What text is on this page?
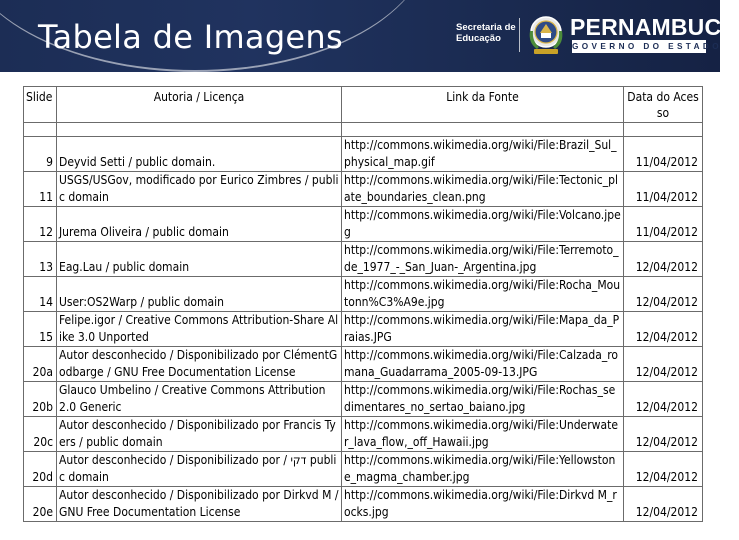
Tabela de Imagens	Secretaria de
Educação	PERNAMBUCO
GOVERNO DO ESTADO
Slide	Autoria / Licença	Link da Fonte	Data do Acesso

9	Deyvid Setti / public domain.	http://commons.wikimedia.org/wiki/File:Brazil_Sul_physical_map.gif	11/04/2012
11	USGS/USGov, modificado por Eurico Zimbres / public domain	http://commons.wikimedia.org/wiki/File:Tectonic_plate_boundaries_clean.png	11/04/2012
12	Jurema Oliveira / public domain	http://commons.wikimedia.org/wiki/File:Volcano.jpeg	11/04/2012
13	Eag.Lau / public domain	http://commons.wikimedia.org/wiki/File:Terremoto_de_1977_-_San_Juan-_Argentina.jpg	12/04/2012
14	User:OS2Warp / public domain	http://commons.wikimedia.org/wiki/File:Rocha_Moutonn%C3%A9e.jpg	12/04/2012
15	Felipe.igor / Creative Commons Attribution-Share Alike 3.0 Unported	http://commons.wikimedia.org/wiki/File:Mapa_da_Praias.JPG	12/04/2012
20a	Autor desconhecido / Disponibilizado por ClémentGodbarge / GNU Free Documentation License	http://commons.wikimedia.org/wiki/File:Calzada_romana_Guadarrama_2005-09-13.JPG	12/04/2012
20b	Glauco Umbelino / Creative Commons Attribution 2.0 Generic	http://commons.wikimedia.org/wiki/File:Rochas_sedimentares_no_sertao_baiano.jpg	12/04/2012
20c	Autor desconhecido / Disponibilizado por Francis Tyers / public domain	http://commons.wikimedia.org/wiki/File:Underwater_lava_flow,_off_Hawaii.jpg	12/04/2012
20d	Autor desconhecido / Disponibilizado por / דקי public domain	http://commons.wikimedia.org/wiki/File:Yellowstone_magma_chamber.jpg	12/04/2012
20e	Autor desconhecido / Disponibilizado por Dirkvd M / GNU Free Documentation License	http://commons.wikimedia.org/wiki/File:Dirkvd M_rocks.jpg	12/04/2012
